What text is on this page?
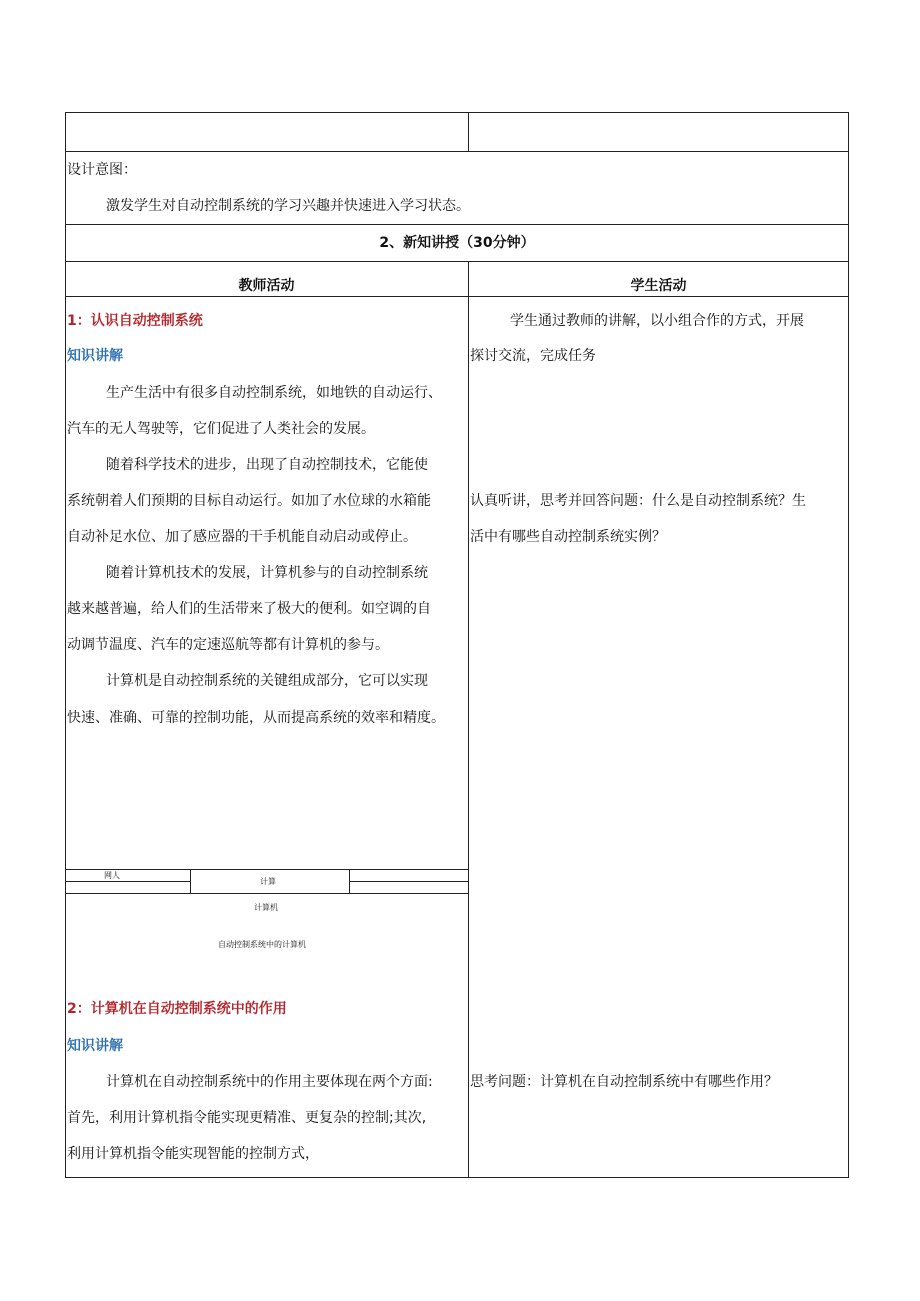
设计意图：
激发学生对自动控制系统的学习兴趣并快速进入学习状态。
2、新知讲授（30分钟）
教师活动	学生活动
1：认识自动控制系统
知识讲解
生产生活中有很多自动控制系统，如地铁的自动运行、
汽车的无人驾驶等，它们促进了人类社会的发展。
随着科学技术的进步，出现了自动控制技术，它能使
系统朝着人们预期的目标自动运行。如加了水位球的水箱能
自动补足水位、加了感应器的干手机能自动启动或停止。
随着计算机技术的发展，计算机参与的自动控制系统
越来越普遍，给人们的生活带来了极大的便利。如空调的自
动调节温度、汽车的定速巡航等都有计算机的参与。
计算机是自动控制系统的关键组成部分，它可以实现
快速、准确、可靠的控制功能，从而提高系统的效率和精度。
学生通过教师的讲解，以小组合作的方式，开展
探讨交流，完成任务
认真听讲，思考并回答问题：什么是自动控制系统？生
活中有哪些自动控制系统实例？
网人
计算
计算机
自动控制系统中的计算机
2：计算机在自动控制系统中的作用
知识讲解
计算机在自动控制系统中的作用主要体现在两个方面:
首先，利用计算机指令能实现更精准、更复杂的控制;其次,
利用计算机指令能实现智能的控制方式，
思考问题：计算机在自动控制系统中有哪些作用？
